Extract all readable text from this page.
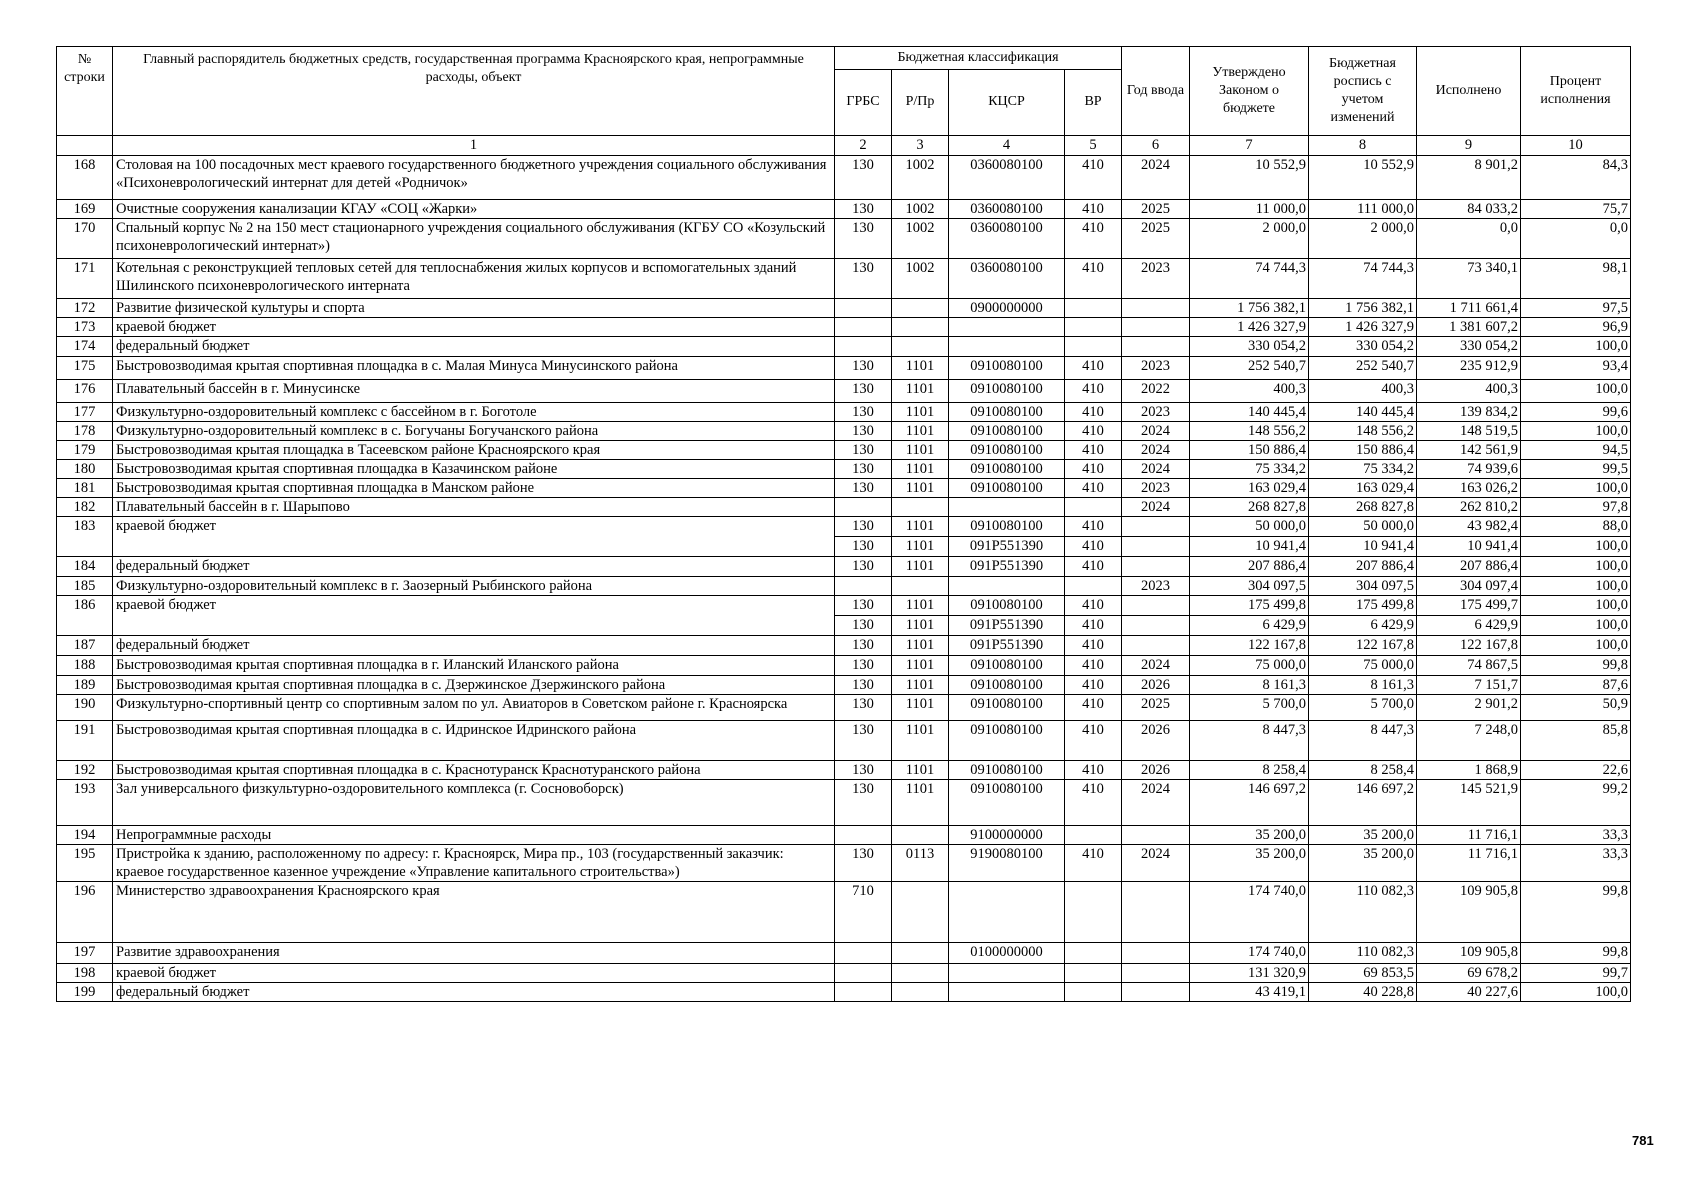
№ строки	Главный распорядитель бюджетных средств, государственная программа Красноярского края, непрограммные расходы, объект	Бюджетная классификация				Год ввода	Утверждено Законом о бюджете	Бюджетная роспись с учетом изменений	Исполнено	Процент исполнения
		ГРБС	Р/Пр	КЦСР	ВР					
	1	2	3	4	5	6	7	8	9	10
168	Столовая на 100 посадочных мест краевого государственного бюджетного учреждения социального обслуживания «Психоневрологический интернат для детей «Родничок»	130	1002	0360080100	410	2024	10 552,9	10 552,9	8 901,2	84,3
169	Очистные сооружения канализации КГАУ «СОЦ «Жарки»	130	1002	0360080100	410	2025	11 000,0	111 000,0	84 033,2	75,7
170	Спальный корпус № 2 на 150 мест стационарного учреждения социального обслуживания (КГБУ СО «Козульский психоневрологический интернат»)	130	1002	0360080100	410	2025	2 000,0	2 000,0	0,0	0,0
171	Котельная с реконструкцией тепловых сетей для теплоснабжения жилых корпусов и вспомогательных зданий Шилинского психоневрологического интерната	130	1002	0360080100	410	2023	74 744,3	74 744,3	73 340,1	98,1
172	Развитие физической культуры и спорта			0900000000			1 756 382,1	1 756 382,1	1 711 661,4	97,5
173	краевой бюджет						1 426 327,9	1 426 327,9	1 381 607,2	96,9
174	федеральный бюджет						330 054,2	330 054,2	330 054,2	100,0
175	Быстровозводимая крытая спортивная площадка в с. Малая Минуса Минусинского района	130	1101	0910080100	410	2023	252 540,7	252 540,7	235 912,9	93,4
176	Плавательный бассейн в г. Минусинске	130	1101	0910080100	410	2022	400,3	400,3	400,3	100,0
177	Физкультурно-оздоровительный комплекс с бассейном в г. Боготоле	130	1101	0910080100	410	2023	140 445,4	140 445,4	139 834,2	99,6
178	Физкультурно-оздоровительный комплекс в с. Богучаны Богучанского района	130	1101	0910080100	410	2024	148 556,2	148 556,2	148 519,5	100,0
179	Быстровозводимая крытая площадка в Тасеевском районе Красноярского края	130	1101	0910080100	410	2024	150 886,4	150 886,4	142 561,9	94,5
180	Быстровозводимая крытая спортивная площадка в Казачинском районе	130	1101	0910080100	410	2024	75 334,2	75 334,2	74 939,6	99,5
181	Быстровозводимая крытая спортивная площадка в Манском районе	130	1101	0910080100	410	2023	163 029,4	163 029,4	163 026,2	100,0
182	Плавательный бассейн в г. Шарыпово					2024	268 827,8	268 827,8	262 810,2	97,8
183	краевой бюджет	130	1101	0910080100	410		50 000,0	50 000,0	43 982,4	88,0
		130	1101	091P551390	410		10 941,4	10 941,4	10 941,4	100,0
184	федеральный бюджет	130	1101	091P551390	410		207 886,4	207 886,4	207 886,4	100,0
185	Физкультурно-оздоровительный комплекс в г. Заозерный Рыбинского района					2023	304 097,5	304 097,5	304 097,4	100,0
186	краевой бюджет	130	1101	0910080100	410		175 499,8	175 499,8	175 499,7	100,0
		130	1101	091P551390	410		6 429,9	6 429,9	6 429,9	100,0
187	федеральный бюджет	130	1101	091P551390	410		122 167,8	122 167,8	122 167,8	100,0
188	Быстровозводимая крытая спортивная площадка в г. Иланский Иланского района	130	1101	0910080100	410	2024	75 000,0	75 000,0	74 867,5	99,8
189	Быстровозводимая крытая спортивная площадка в с. Дзержинское Дзержинского района	130	1101	0910080100	410	2026	8 161,3	8 161,3	7 151,7	87,6
190	Физкультурно-спортивный центр со спортивным залом по ул. Авиаторов в Советском районе г. Красноярска	130	1101	0910080100	410	2025	5 700,0	5 700,0	2 901,2	50,9
191	Быстровозводимая крытая спортивная площадка в с. Идринское Идринского района	130	1101	0910080100	410	2026	8 447,3	8 447,3	7 248,0	85,8
192	Быстровозводимая крытая спортивная площадка в с. Краснотуранск Краснотуранского района	130	1101	0910080100	410	2026	8 258,4	8 258,4	1 868,9	22,6
193	Зал универсального физкультурно-оздоровительного комплекса (г. Сосновоборск)	130	1101	0910080100	410	2024	146 697,2	146 697,2	145 521,9	99,2
194	Непрограммные расходы			9100000000			35 200,0	35 200,0	11 716,1	33,3
195	Пристройка к зданию, расположенному по адресу: г. Красноярск, Мира пр., 103 (государственный заказчик: краевое государственное казенное учреждение «Управление капитального строительства»)	130	0113	9190080100	410	2024	35 200,0	35 200,0	11 716,1	33,3
196	Министерство здравоохранения Красноярского края	710					174 740,0	110 082,3	109 905,8	99,8
197	Развитие здравоохранения			0100000000			174 740,0	110 082,3	109 905,8	99,8
198	краевой бюджет						131 320,9	69 853,5	69 678,2	99,7
199	федеральный бюджет						43 419,1	40 228,8	40 227,6	100,0
781
